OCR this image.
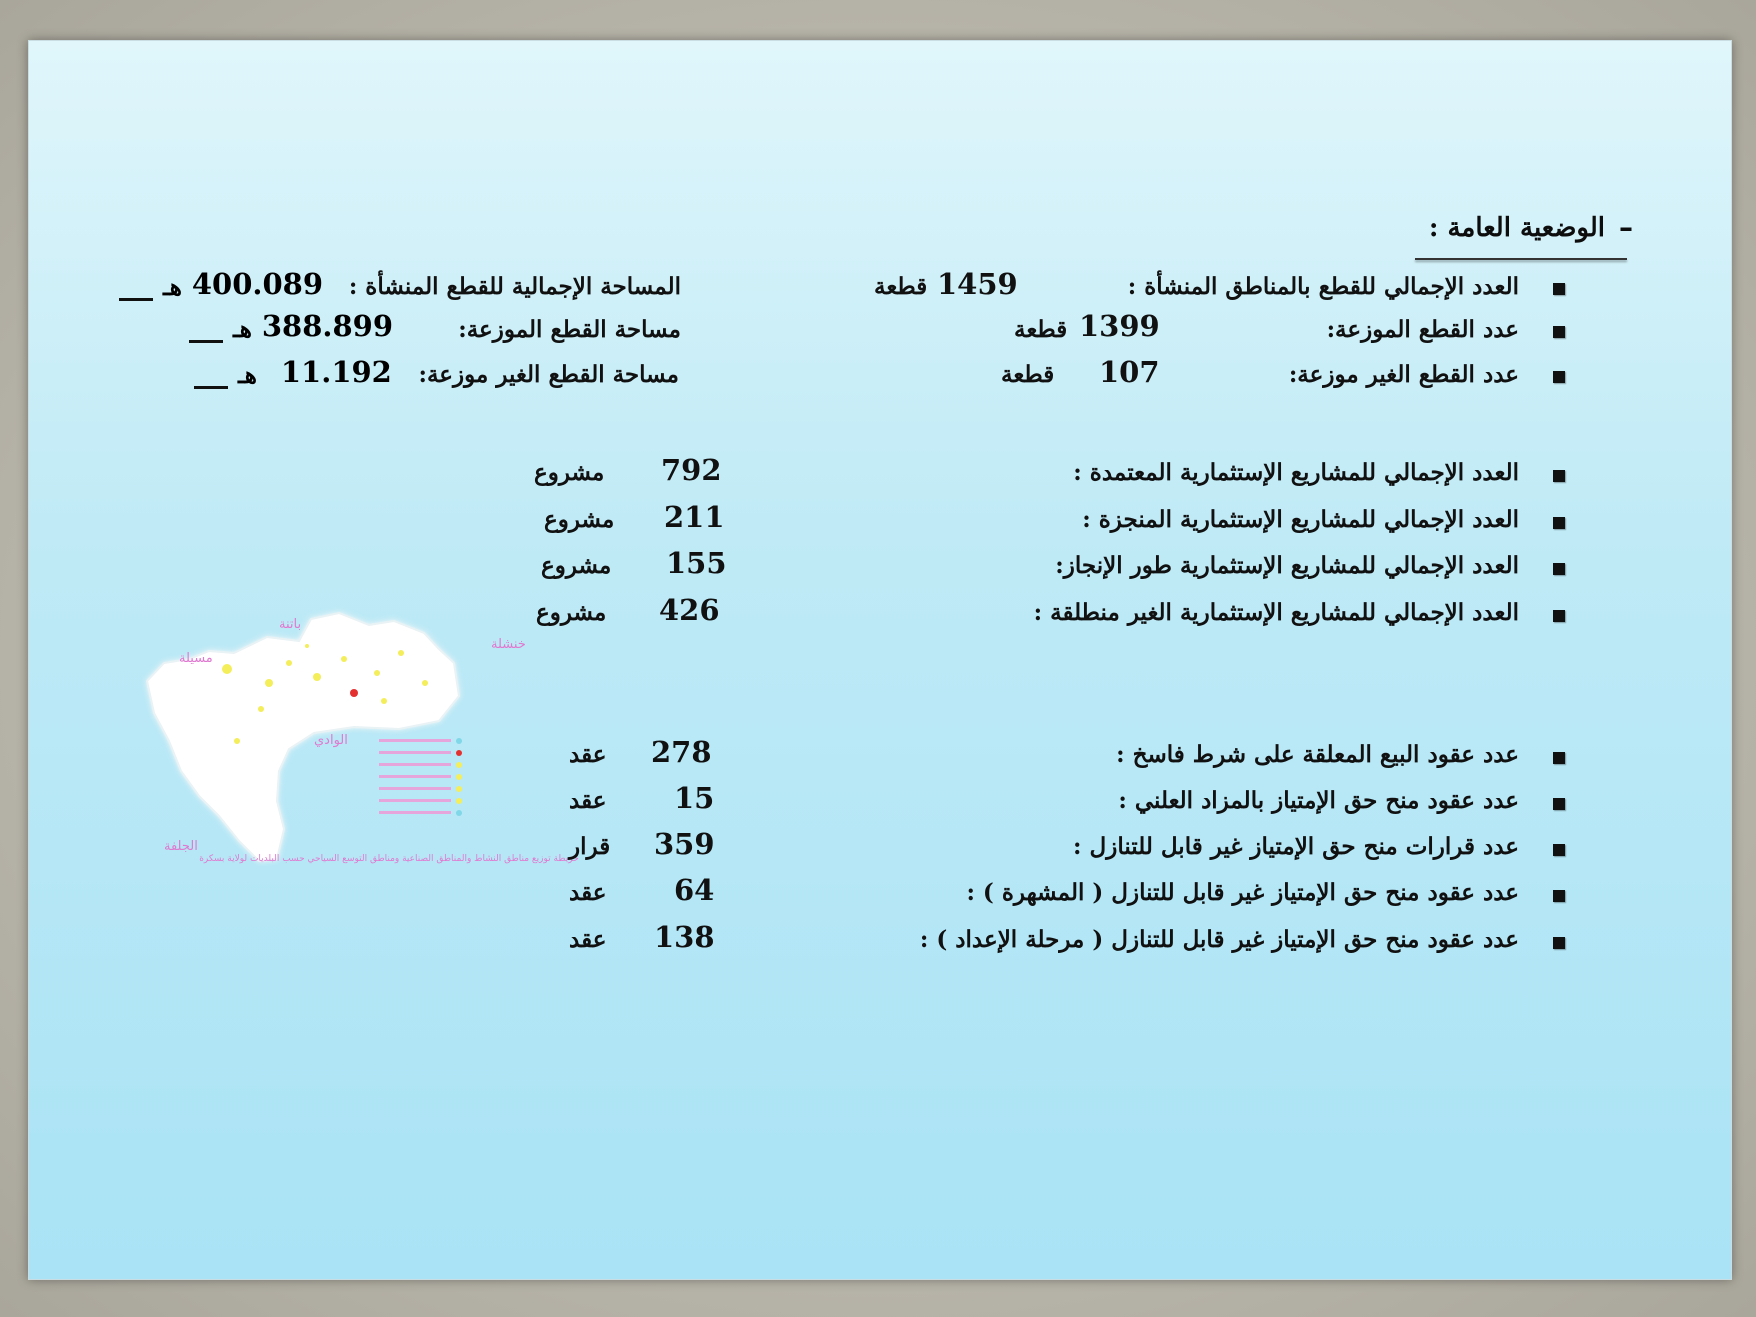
–
الوضعية العامة :
العدد الإجمالي للقطع بالمناطق المنشأة :
1459
قطعة
المساحة الإجمالية للقطع المنشأة :
هـ 400.089
عدد القطع الموزعة:
1399
قطعة
مساحة القطع الموزعة:
هـ 388.899
عدد القطع الغير موزعة:
107
قطعة
مساحة القطع الغير موزعة:
هـ 11.192
العدد الإجمالي للمشاريع الإستثمارية المعتمدة :
792
مشروع
العدد الإجمالي للمشاريع الإستثمارية المنجزة :
211
مشروع
العدد الإجمالي للمشاريع الإستثمارية طور الإنجاز:
155
مشروع
العدد الإجمالي للمشاريع الإستثمارية الغير منطلقة :
426
مشروع
باتنة
مسيلة
خنشلة
الوادي
الجلفة
خريطة توزيع مناطق النشاط والمناطق الصناعية ومناطق التوسع السياحي حسب البلديات لولاية بسكرة
عدد عقود البيع المعلقة على شرط فاسخ :
278
عقد
عدد عقود منح حق الإمتياز بالمزاد العلني :
15
عقد
عدد قرارات منح حق الإمتياز غير قابل للتنازل :
359
قرار
عدد عقود منح حق الإمتياز غير قابل للتنازل ( المشهرة ) :
64
عقد
عدد عقود منح حق الإمتياز غير قابل للتنازل ( مرحلة الإعداد ) :
138
عقد
